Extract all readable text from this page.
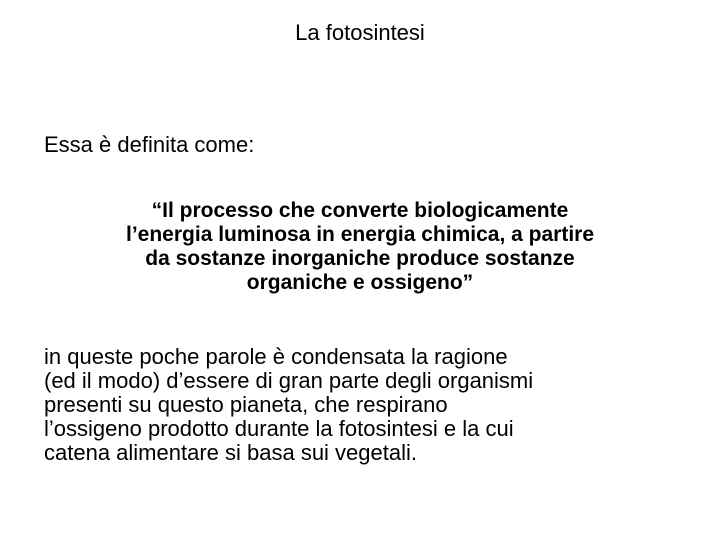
La fotosintesi
Essa è definita come:

“Il processo che converte biologicamente
l’energia luminosa in energia chimica, a partire
da sostanze inorganiche produce sostanze
organiche e ossigeno”

in queste poche parole è condensata la ragione
(ed il modo) d’essere di gran parte degli organismi
presenti su questo pianeta, che respirano
l’ossigeno prodotto durante la fotosintesi e la cui
catena alimentare si basa sui vegetali.
